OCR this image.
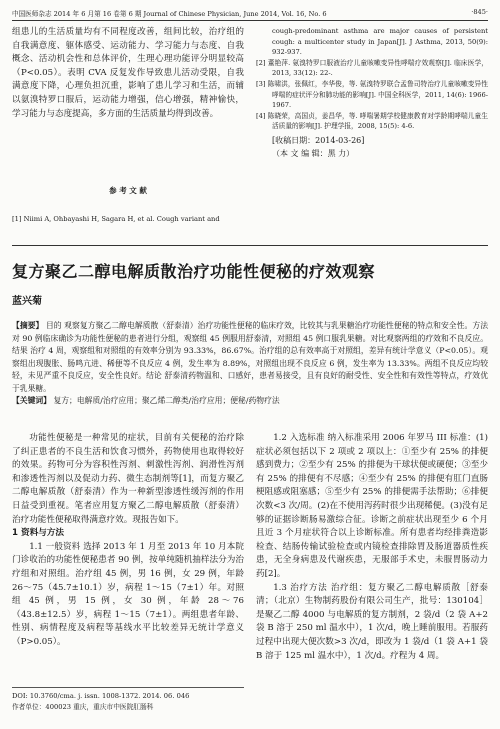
中国医师杂志 2014 年 6 月第 16 卷第 6 期 Journal of Chinese Physician, June 2014, Vol. 16, No. 6	·845·

组患儿的生活质量均有不同程度改善，组间比较，治疗组的自我满意度、躯体感受、运动能力、学习能力与态度、自我概念、活动机会性和总体评价，生理心理功能评分明显较高（P<0.05）。表明 CVA 反复发作导致患儿活动受限，自我满意度下降，心理负担沉重，影响了患儿学习和生活，而辅以氨溴特罗口服后，运动能力增强，信心增强，精神愉快，学习能力与态度提高，多方面的生活质量均得到改善。

参 考 文 献
[1] Niimi A, Ohbayashi H, Sagara H, et al. Cough variant and
cough-predominant asthma are major causes of persistent cough: a multicenter study in Japan[J]. J Asthma, 2013, 50(9): 932-937.
[2] 董艳萍. 氨溴特罗口服液治疗儿童咳嗽变异性哮喘疗效观察[J]. 临床医学，2013, 33(12): 22-.
[3] 陈啸洪，张佩红，李华俊，等. 氨溴特罗联合孟鲁司特治疗儿童咳嗽变异性哮喘的症状评分和肺功能的影响[J]. 中国全科医学，2011, 14(6): 1966-1967.
[4] 陈晓荣，高国贞，姜昌华，等. 哮喘暑期学校健康教育对学龄期哮喘儿童生活质量的影响[J]. 护理学报，2008, 15(5): 4-6.
[收稿日期：2014-03-26]
（本 文 编 辑：黑 力）
复方聚乙二醇电解质散治疗功能性便秘的疗效观察
蓝兴菊
【摘要】 目的 观察复方聚乙二醇电解质散（舒泰清）治疗功能性便秘的临床疗效，比较其与乳果糖治疗功能性便秘的特点和安全性。方法 对 90 例临床确诊为功能性便秘的患者进行分组，观察组 45 例服用舒泰清，对照组 45 例口服乳果糖。对比观察两组的疗效和不良反应。结果 治疗 4 周，观察组和对照组的有效率分别为 93.33%，86.67%。治疗组的总有效率高于对照组，差异有统计学意义（P<0.05）。观察组出现腹胀、肠鸣亢进、稀便等不良反应 4 例，发生率为 8.89%，对照组出现不良反应 6 例，发生率为 13.33%。两组不良反应均较轻，未见严重不良反应，安全性良好。结论 舒泰清药物温和、口感好，患者易接受，且有良好的耐受性、安全性和有效性等特点，疗效优于乳果糖。
【关键词】 复方；电解质/治疗应用；聚乙烯二醇类/治疗应用；便秘/药物疗法

功能性便秘是一种常见的症状，目前有关便秘的治疗除了纠正患者的不良生活和饮食习惯外，药物使用也取得较好的效果。药物可分为容积性泻剂、刺激性泻剂、润滑性泻剂和渗透性泻剂以及促动力药、微生态制剂等[1]，而复方聚乙二醇电解质散（舒泰清）作为一种新型渗透性缓泻剂的作用日益受到重视。笔者应用复方聚乙二醇电解质散（舒泰清）治疗功能性便秘取得满意疗效。现报告如下。

1 资料与方法

1.1 一般资料 选择 2013 年 1 月至 2013 年 10 月本院门诊收治的功能性便秘患者 90 例，按单纯随机抽样法分为治疗组和对照组。治疗组 45 例，男 16 例，女 29 例，年龄 26～75（45.7±10.1）岁，病程 1～15（7±1）年。对照组 45 例，男 15 例，女 30 例，年龄 28～76（43.8±12.5）岁，病程 1～15（7±1）。两组患者年龄、性别、病情程度及病程等基线水平比较差异无统计学意义（P>0.05）。

DOI: 10.3760/cma. j. issn. 1008-1372. 2014. 06. 046
作者单位：400023 重庆，重庆市中医院肛肠科

1.2 入选标准 纳入标准采用 2006 年罗马 III 标准：(1)症状必须包括以下 2 项或 2 项以上：①至少有 25% 的排便感到费力；②至少有 25% 的排便为干球状便或硬便；③至少有 25% 的排便有不尽感；④至少有 25% 的排便有肛门直肠梗阻感或阻塞感；⑤至少有 25% 的排便需手法帮助；⑥排便次数<3 次/周。(2)在不使用泻药时很少出现稀便。(3)没有足够的证据诊断肠易激综合征。诊断之前症状出现至少 6 个月且近 3 个月症状符合以上诊断标准。所有患者均经排粪造影检查、结肠传输试验检查或内镜检查排除胃及肠道器质性疾患，无全身病患及代谢疾患，无服部手术史，未服胃肠动力药[2]。

1.3 治疗方法 治疗组：复方聚乙二醇电解质散［舒泰清；（北京）生物制药股份有限公司生产，批号：130104］是聚乙二醇 4000 与电解质的复方制剂，2 袋/d（2 袋 A+2 袋 B 溶于 250 ml 温水中），1 次/d，晚上睡前服用。若服药过程中出现大便次数>3 次/d，即改为 1 袋/d（1 袋 A+1 袋 B 溶于 125 ml 温水中），1 次/d。疗程为 4 周。
